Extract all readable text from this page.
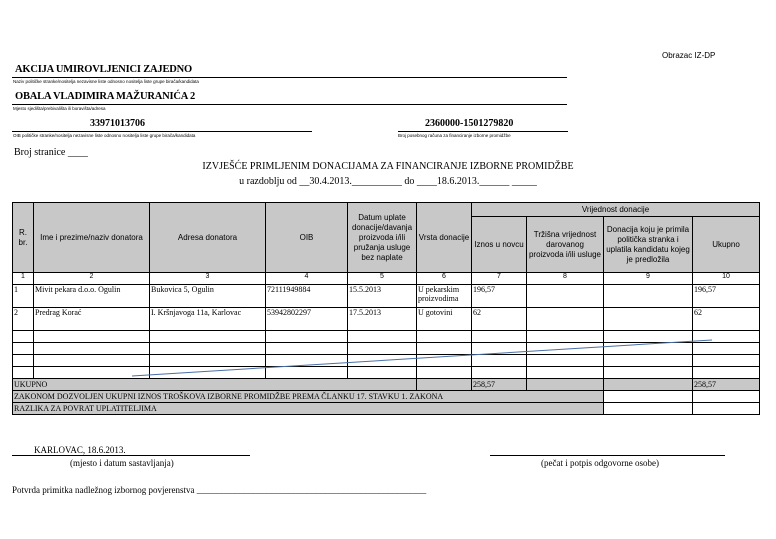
Obrazac IZ-DP
AKCIJA UMIROVLJENICI ZAJEDNO
Naziv političke stranke/nositelja nezavisne liste odnosno nositelja liste grupe birača/kandidata
OBALA VLADIMIRA MAŽURANIĆA 2
Mjesto sjedišta/prebivališta ili boravišta/adresa
33971013706
OIB političke stranke/nositelja nezavisne liste odnosno nositelja liste grupe birača/kandidata
2360000-1501279820
Broj posebnog računa za financiranje izborne promidžbe
Broj stranice ____
IZVJEŠĆE PRIMLJENIM DONACIJAMA ZA FINANCIRANJE IZBORNE PROMIDŽBE
u razdoblju od __30.4.2013.__________ do ____18.6.2013.______ _____
R. br.	Ime i prezime/naziv donatora	Adresa donatora	OIB	Datum uplate donacije/davanja proizvoda i/ili pružanja usluge bez naplate	Vrsta donacije	Vrijednost donacije			
						Iznos u novcu	Tržišna vrijednost darovanog proizvoda i/ili usluge	Donacija koju je primila politička stranka i uplatila kandidatu kojeg je predložila	Ukupno
1	2	3	4	5	6	7	8	9	10
1	Mivit pekara d.o.o. Ogulin	Bukovica 5, Ogulin	72111949884	15.5.2013	U pekarskim proizvodima	196,57			196,57
2	Predrag Korać	I. Kršnjavoga 11a, Karlovac	53942802297	17.5.2013	U gotovini	62			62

UKUPNO						258,57			258,57
ZAKONOM DOZVOLJEN UKUPNI IZNOS TROŠKOVA IZBORNE PROMIDŽBE PREMA ČLANKU 17. STAVKU 1. ZAKONA									
RAZLIKA ZA POVRAT UPLATITELJIMA									
KARLOVAC, 18.6.2013.
(mjesto i datum sastavljanja)	(pečat i potpis odgovorne osobe)
Potvrda primitka nadležnog izbornog povjerenstva ___________________________________________________
